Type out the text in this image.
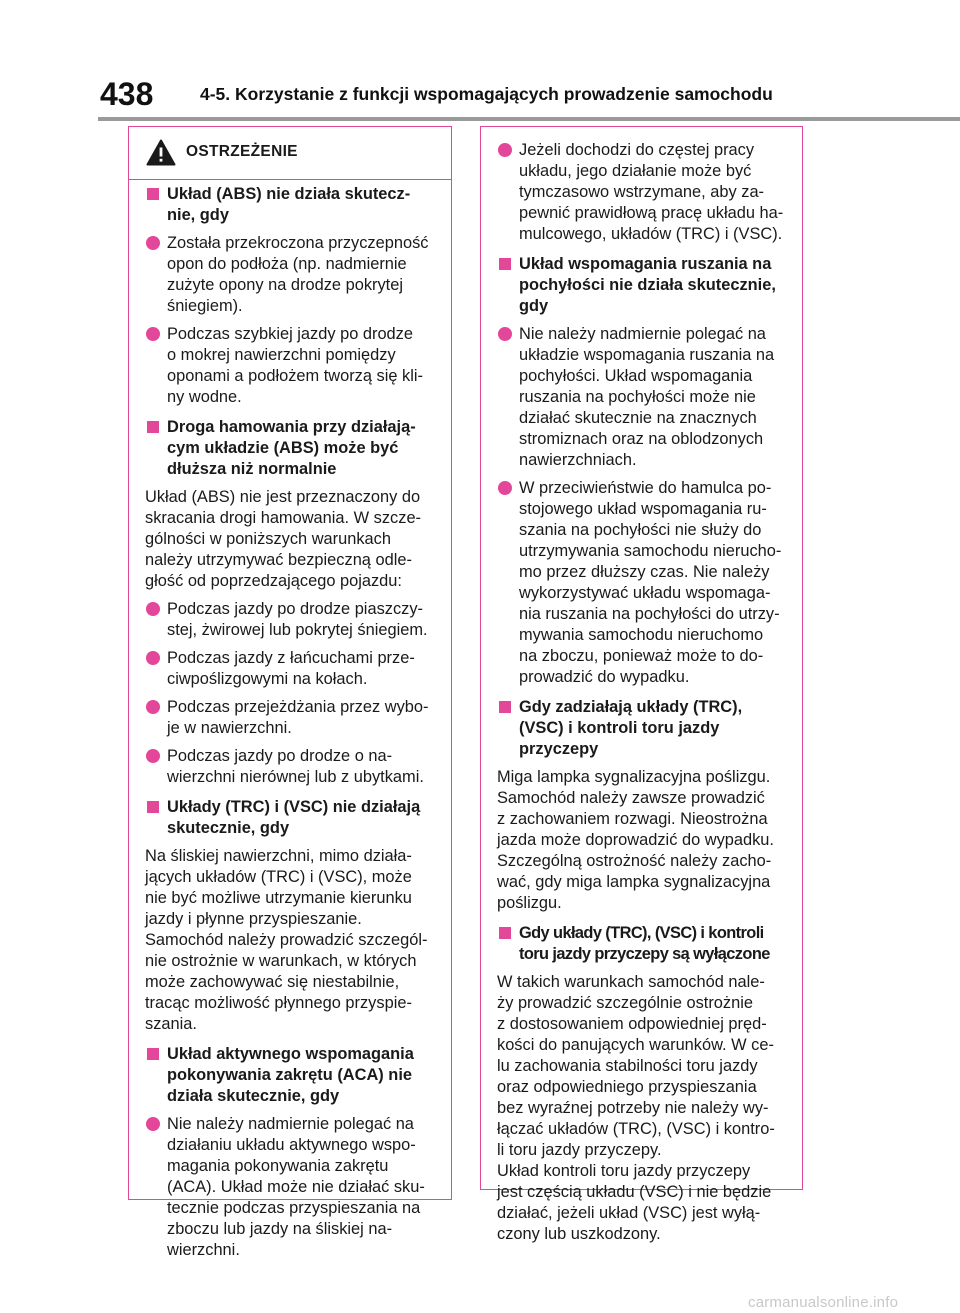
438	4-5. Korzystanie z funkcji wspomagających prowadzenie samochodu
OSTRZEŻENIE
Układ (ABS) nie działa skutecz-
nie, gdy
Została przekroczona przyczepność
opon do podłoża (np. nadmiernie
zużyte opony na drodze pokrytej
śniegiem).
Podczas szybkiej jazdy po drodze
o mokrej nawierzchni pomiędzy
oponami a podłożem tworzą się kli-
ny wodne.
Droga hamowania przy działają-
cym układzie (ABS) może być
dłuższa niż normalnie
Układ (ABS) nie jest przeznaczony do
skracania drogi hamowania. W szcze-
gólności w poniższych warunkach
należy utrzymywać bezpieczną odle-
głość od poprzedzającego pojazdu:
Podczas jazdy po drodze piaszczy-
stej, żwirowej lub pokrytej śniegiem.
Podczas jazdy z łańcuchami prze-
ciwpoślizgowymi na kołach.
Podczas przejeżdżania przez wybo-
je w nawierzchni.
Podczas jazdy po drodze o na-
wierzchni nierównej lub z ubytkami.
Układy (TRC) i (VSC) nie działają
skutecznie, gdy
Na śliskiej nawierzchni, mimo działa-
jących układów (TRC) i (VSC), może
nie być możliwe utrzymanie kierunku
jazdy i płynne przyspieszanie.
Samochód należy prowadzić szczegól-
nie ostrożnie w warunkach, w których
może zachowywać się niestabilnie,
tracąc możliwość płynnego przyspie-
szania.
Układ aktywnego wspomagania
pokonywania zakrętu (ACA) nie
działa skutecznie, gdy
Nie należy nadmiernie polegać na
działaniu układu aktywnego wspo-
magania pokonywania zakrętu
(ACA). Układ może nie działać sku-
tecznie podczas przyspieszania na
zboczu lub jazdy na śliskiej na-
wierzchni.
Jeżeli dochodzi do częstej pracy
układu, jego działanie może być
tymczasowo wstrzymane, aby za-
pewnić prawidłową pracę układu ha-
mulcowego, układów (TRC) i (VSC).
Układ wspomagania ruszania na
pochyłości nie działa skutecznie,
gdy
Nie należy nadmiernie polegać na
układzie wspomagania ruszania na
pochyłości. Układ wspomagania
ruszania na pochyłości może nie
działać skutecznie na znacznych
stromiznach oraz na oblodzonych
nawierzchniach.
W przeciwieństwie do hamulca po-
stojowego układ wspomagania ru-
szania na pochyłości nie służy do
utrzymywania samochodu nierucho-
mo przez dłuższy czas. Nie należy
wykorzystywać układu wspomaga-
nia ruszania na pochyłości do utrzy-
mywania samochodu nieruchomo
na zboczu, ponieważ może to do-
prowadzić do wypadku.
Gdy zadziałają układy (TRC),
(VSC) i kontroli toru jazdy
przyczepy
Miga lampka sygnalizacyjna poślizgu.
Samochód należy zawsze prowadzić
z zachowaniem rozwagi. Nieostrożna
jazda może doprowadzić do wypadku.
Szczególną ostrożność należy zacho-
wać, gdy miga lampka sygnalizacyjna
poślizgu.
Gdy układy (TRC), (VSC) i kontroli
toru jazdy przyczepy są wyłączone
W takich warunkach samochód nale-
ży prowadzić szczególnie ostrożnie
z dostosowaniem odpowiedniej pręd-
kości do panujących warunków. W ce-
lu zachowania stabilności toru jazdy
oraz odpowiedniego przyspieszania
bez wyraźnej potrzeby nie należy wy-
łączać układów (TRC), (VSC) i kontro-
li toru jazdy przyczepy.
Układ kontroli toru jazdy przyczepy
jest częścią układu (VSC) i nie będzie
działać, jeżeli układ (VSC) jest wyłą-
czony lub uszkodzony.
carmanualsonline.info
